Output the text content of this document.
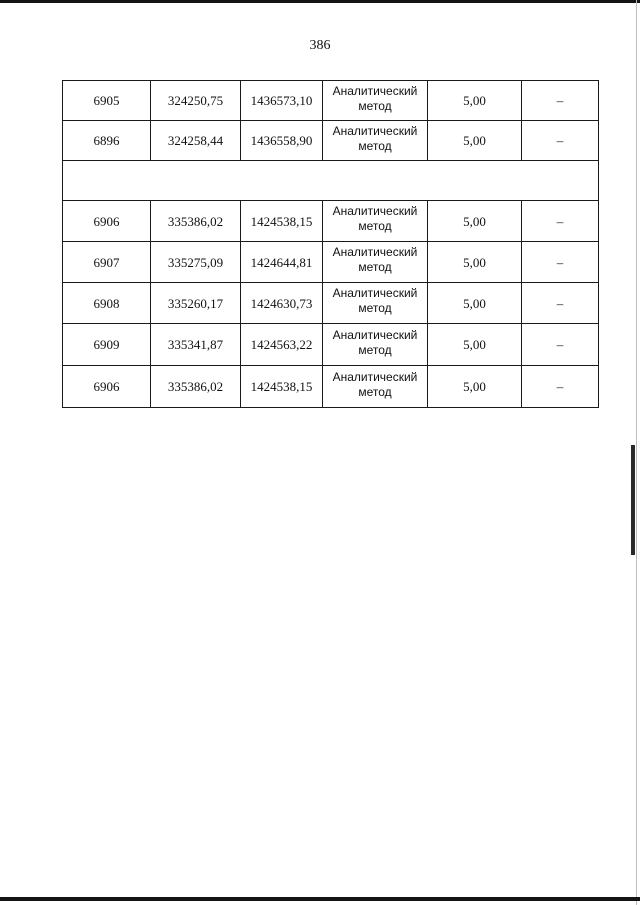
386
6905	324250,75	1436573,10	Аналитический метод	5,00	–
6896	324258,44	1436558,90	Аналитический метод	5,00	–

6906	335386,02	1424538,15	Аналитический метод	5,00	–
6907	335275,09	1424644,81	Аналитический метод	5,00	–
6908	335260,17	1424630,73	Аналитический метод	5,00	–
6909	335341,87	1424563,22	Аналитический метод	5,00	–
6906	335386,02	1424538,15	Аналитический метод	5,00	–
